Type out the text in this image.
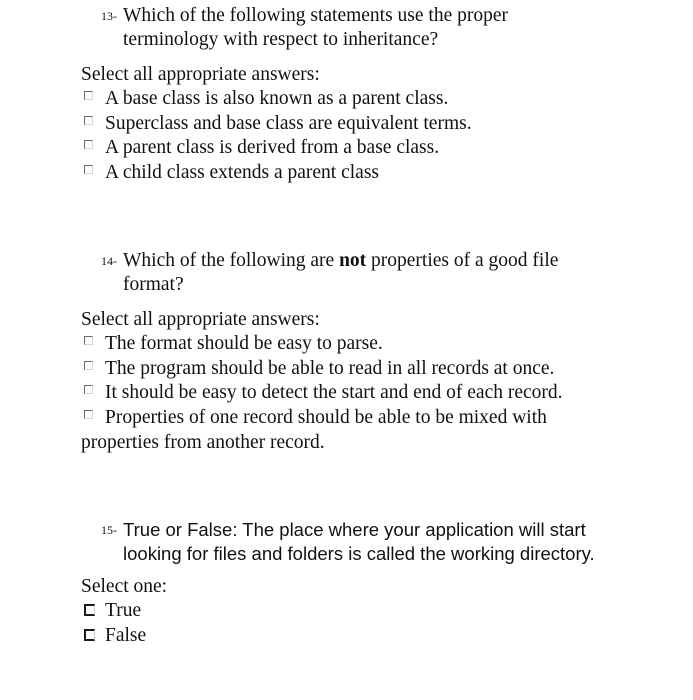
13- Which of the following statements use the proper
terminology with respect to inheritance?
Select all appropriate answers:
A base class is also known as a parent class.
Superclass and base class are equivalent terms.
A parent class is derived from a base class.
A child class extends a parent class
14- Which of the following are not properties of a good file format?
Select all appropriate answers:
The format should be easy to parse.
The program should be able to read in all records at once.
It should be easy to detect the start and end of each record.
Properties of one record should be able to be mixed with properties from another record.
15- True or False: The place where your application will start looking for files and folders is called the working directory.
Select one:
True
False
